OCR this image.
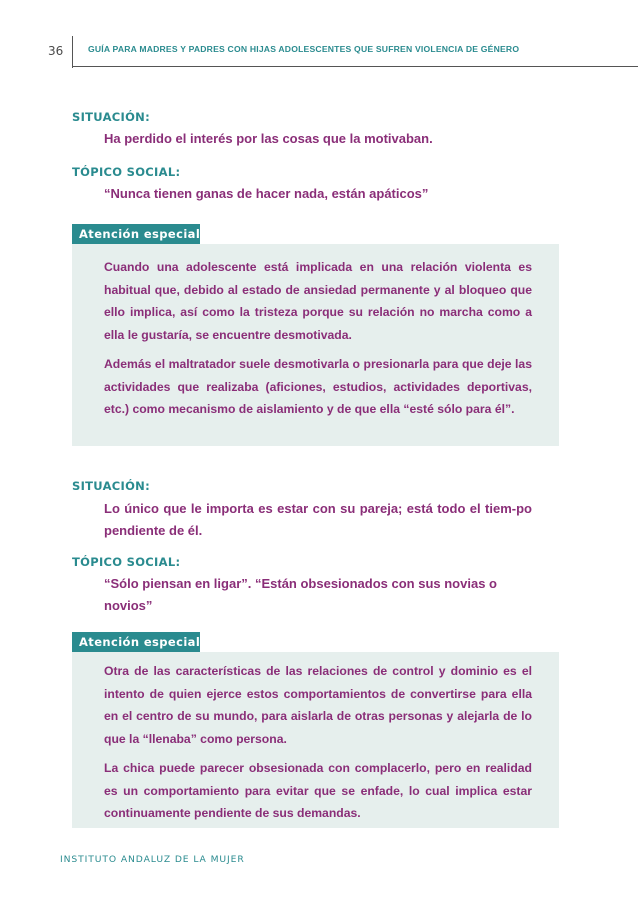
36	GUÍA PARA MADRES Y PADRES CON HIJAS ADOLESCENTES QUE SUFREN VIOLENCIA DE GÉNERO
SITUACIÓN:
Ha perdido el interés por las cosas que la motivaban.
TÓPICO SOCIAL:
“Nunca tienen ganas de hacer nada, están apáticos”
Atención especial:
Cuando una adolescente está implicada en una relación violenta es habitual que, debido al estado de ansiedad permanente y al bloqueo que ello implica, así como la tristeza porque su relación no marcha como a ella le gustaría, se encuentre desmotivada.
Además el maltratador suele desmotivarla o presionarla para que deje las actividades que realizaba (aficiones, estudios, actividades deportivas, etc.) como mecanismo de aislamiento y de que ella “esté sólo para él”.
SITUACIÓN:
Lo único que le importa es estar con su pareja; está todo el tiem-po pendiente de él.
TÓPICO SOCIAL:
“Sólo piensan en ligar”. “Están obsesionados con sus novias o novios”
Atención especial:
Otra de las características de las relaciones de control y dominio es el intento de quien ejerce estos comportamientos de convertirse para ella en el centro de su mundo, para aislarla de otras personas y alejarla de lo que la “llenaba” como persona.
La chica puede parecer obsesionada con complacerlo, pero en realidad es un comportamiento para evitar que se enfade, lo cual implica estar continuamente pendiente de sus demandas.
INSTITUTO ANDALUZ DE LA MUJER
